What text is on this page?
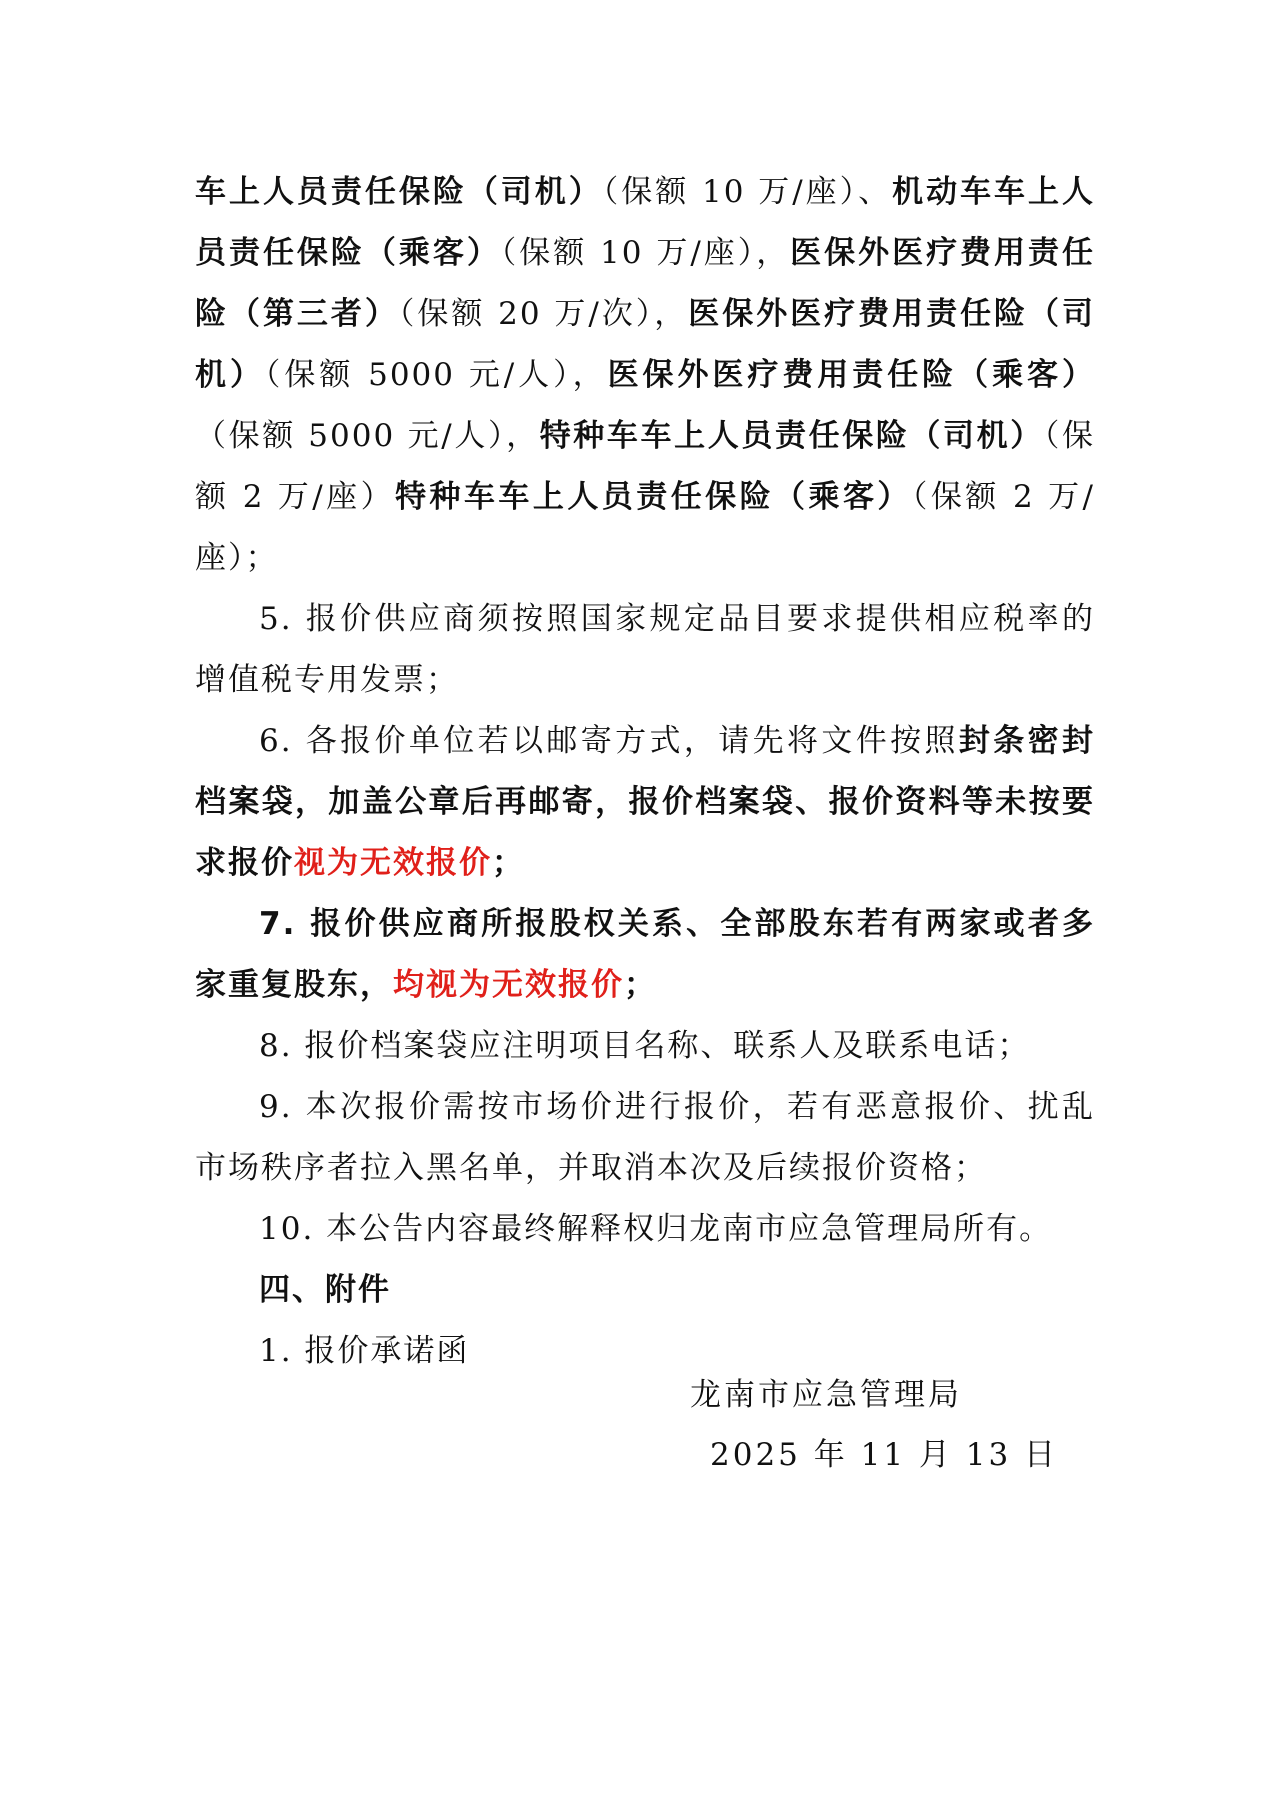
车上人员责任保险（司机）（保额 10 万/座）、机动车车上人员责任保险（乘客）（保额 10 万/座），医保外医疗费用责任险（第三者）（保额 20 万/次），医保外医疗费用责任险（司机）（保额 5000 元/人），医保外医疗费用责任险（乘客）（保额 5000 元/人），特种车车上人员责任保险（司机）（保额 2 万/座）特种车车上人员责任保险（乘客）（保额 2 万/座）；

5. 报价供应商须按照国家规定品目要求提供相应税率的增值税专用发票；

6. 各报价单位若以邮寄方式，请先将文件按照封条密封档案袋，加盖公章后再邮寄，报价档案袋、报价资料等未按要求报价视为无效报价；

7. 报价供应商所报股权关系、全部股东若有两家或者多家重复股东，均视为无效报价；

8. 报价档案袋应注明项目名称、联系人及联系电话；

9. 本次报价需按市场价进行报价，若有恶意报价、扰乱市场秩序者拉入黑名单，并取消本次及后续报价资格；

10. 本公告内容最终解释权归龙南市应急管理局所有。

四、附件

1. 报价承诺函

龙南市应急管理局
2025 年 11 月 13 日
